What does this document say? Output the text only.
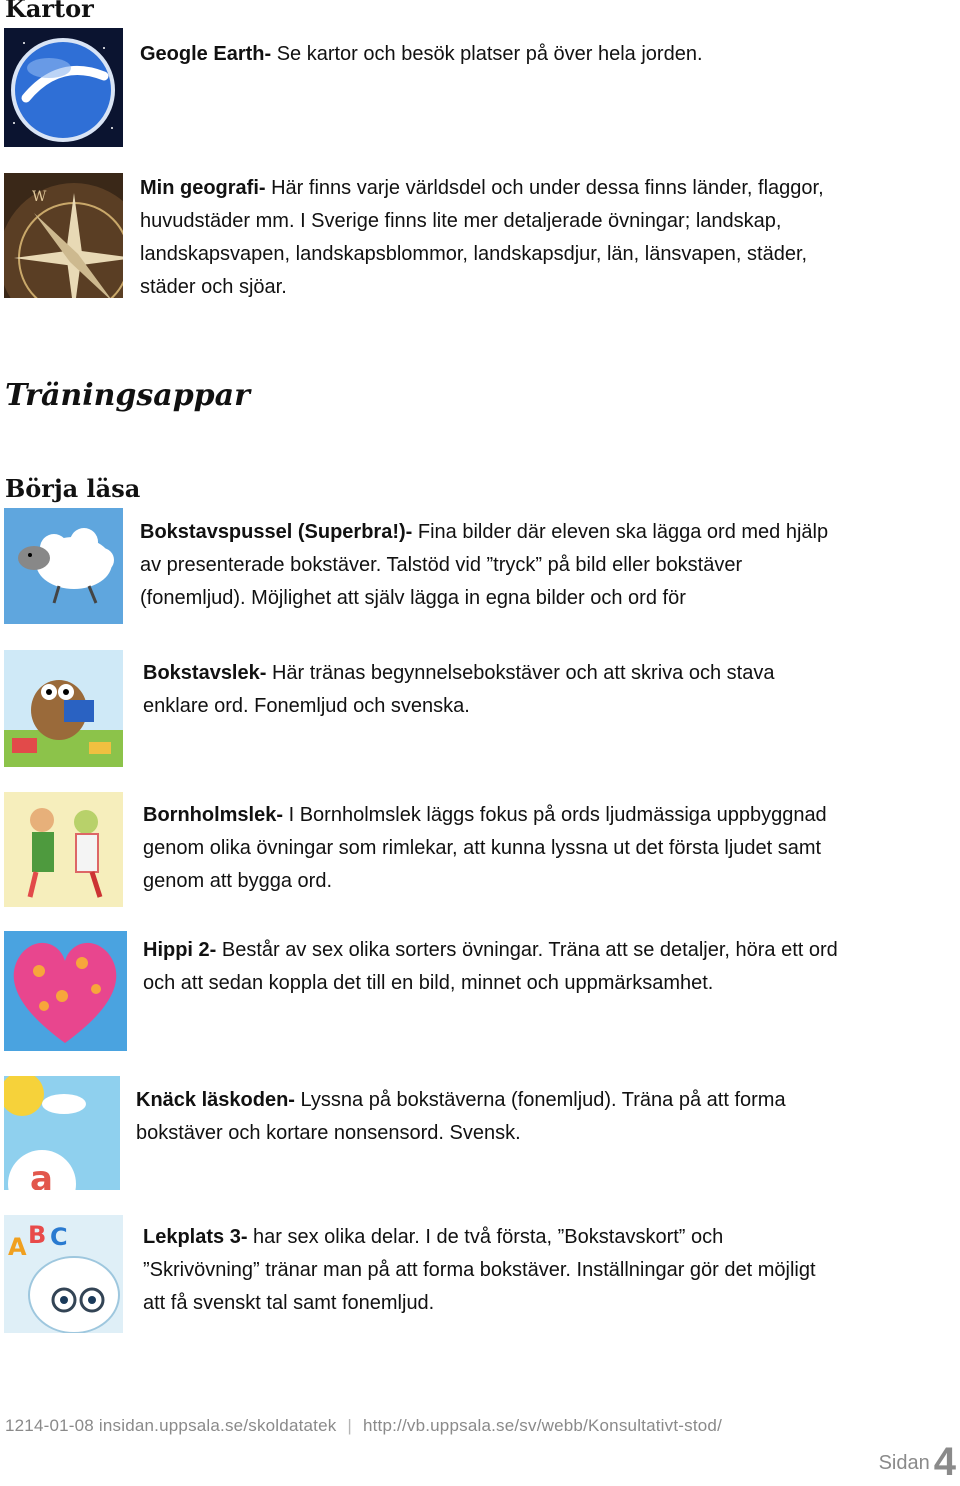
Kartor

Geogle Earth- Se kartor och besök platser på över hela jorden.

W	Min geografi- Här finns varje världsdel och under dessa finns länder, flaggor, huvudstäder mm. I Sverige finns lite mer detaljerade övningar; landskap, landskapsvapen, landskapsblommor, landskapsdjur, län, länsvapen, städer, städer och sjöar.

Träningsappar
Börja läsa

Bokstavspussel (Superbra!)- Fina bilder där eleven ska lägga ord med hjälp av presenterade bokstäver. Talstöd vid ”tryck” på bild eller bokstäver (fonemljud). Möjlighet att själv lägga in egna bilder och ord för

Bokstavslek- Här tränas begynnelsebokstäver och att skriva och stava enklare ord. Fonemljud och svenska.

Bornholmslek- I Bornholmslek läggs fokus på ords ljudmässiga uppbyggnad genom olika övningar som rimlekar, att kunna lyssna ut det första ljudet samt genom att bygga ord.

Hippi 2- Består av sex olika sorters övningar. Träna att se detaljer, höra ett ord och att sedan koppla det till en bild, minnet och uppmärksamhet.

a

Knäck läskoden- Lyssna på bokstäverna (fonemljud). Träna på att forma bokstäver och kortare nonsensord. Svensk.

A B C	Lekplats 3- har sex olika delar. I de två första, ”Bokstavskort” och ”Skrivövning” tränar man på att forma bokstäver. Inställningar gör det möjligt att få svenskt tal samt fonemljud.

1214-01-08 insidan.uppsala.se/skoldatatek | http://vb.uppsala.se/sv/webb/Konsultativt-stod/
Sidan 4
